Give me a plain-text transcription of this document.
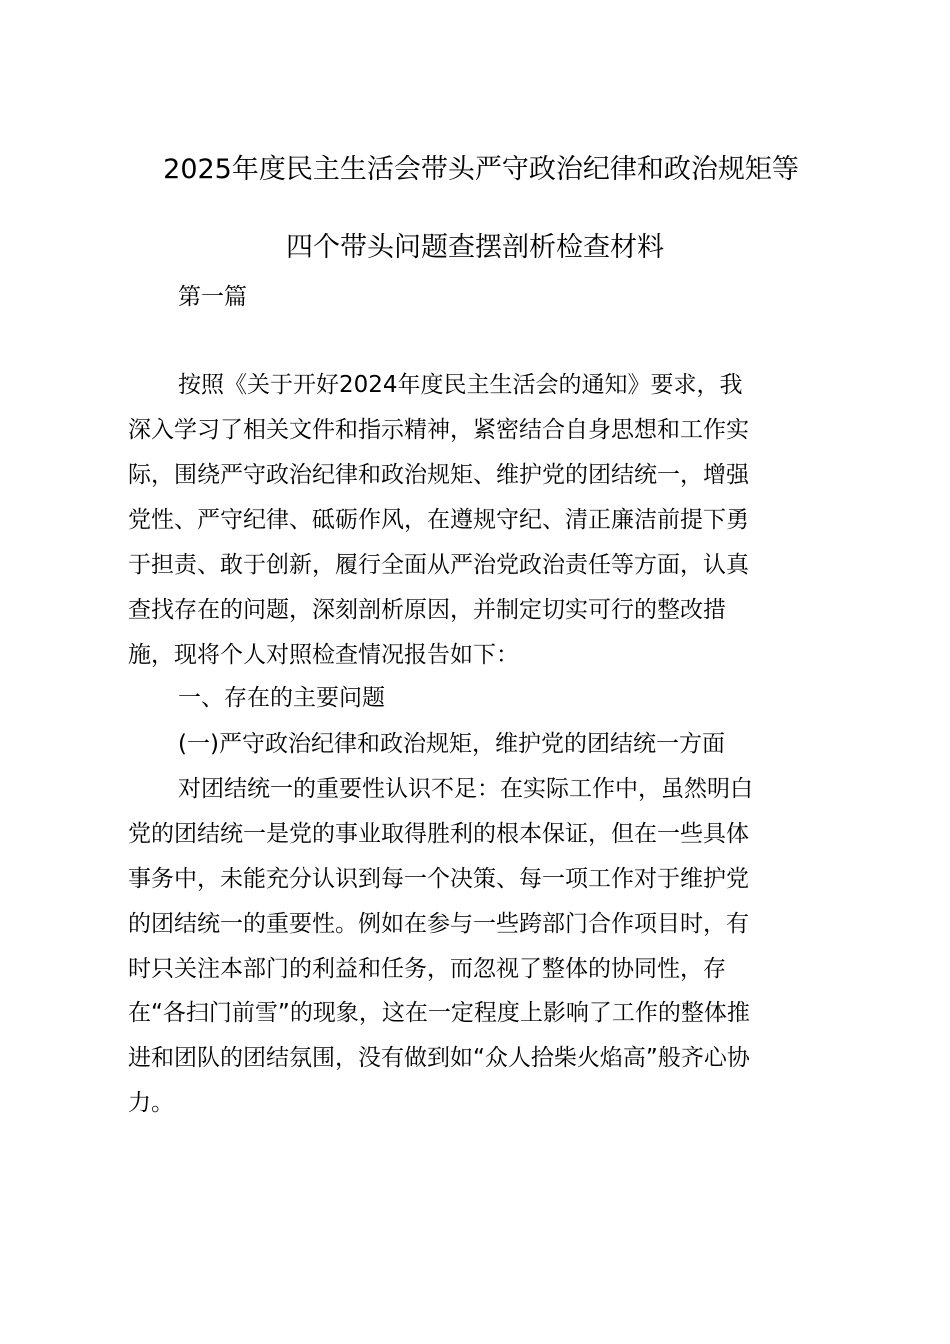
2025年度民主生活会带头严守政治纪律和政治规矩等
四个带头问题查摆剖析检查材料
第一篇
按照《关于开好2024年度民主生活会的通知》要求，我
深入学习了相关文件和指示精神，紧密结合自身思想和工作实
际，围绕严守政治纪律和政治规矩、维护党的团结统一，增强
党性、严守纪律、砥砺作风，在遵规守纪、清正廉洁前提下勇
于担责、敢于创新，履行全面从严治党政治责任等方面，认真
查找存在的问题，深刻剖析原因，并制定切实可行的整改措
施，现将个人对照检查情况报告如下：
一、存在的主要问题
(一)严守政治纪律和政治规矩，维护党的团结统一方面
对团结统一的重要性认识不足：在实际工作中，虽然明白
党的团结统一是党的事业取得胜利的根本保证，但在一些具体
事务中，未能充分认识到每一个决策、每一项工作对于维护党
的团结统一的重要性。例如在参与一些跨部门合作项目时，有
时只关注本部门的利益和任务，而忽视了整体的协同性，存
在“各扫门前雪”的现象，这在一定程度上影响了工作的整体推
进和团队的团结氛围，没有做到如“众人拾柴火焰高”般齐心协
力。
